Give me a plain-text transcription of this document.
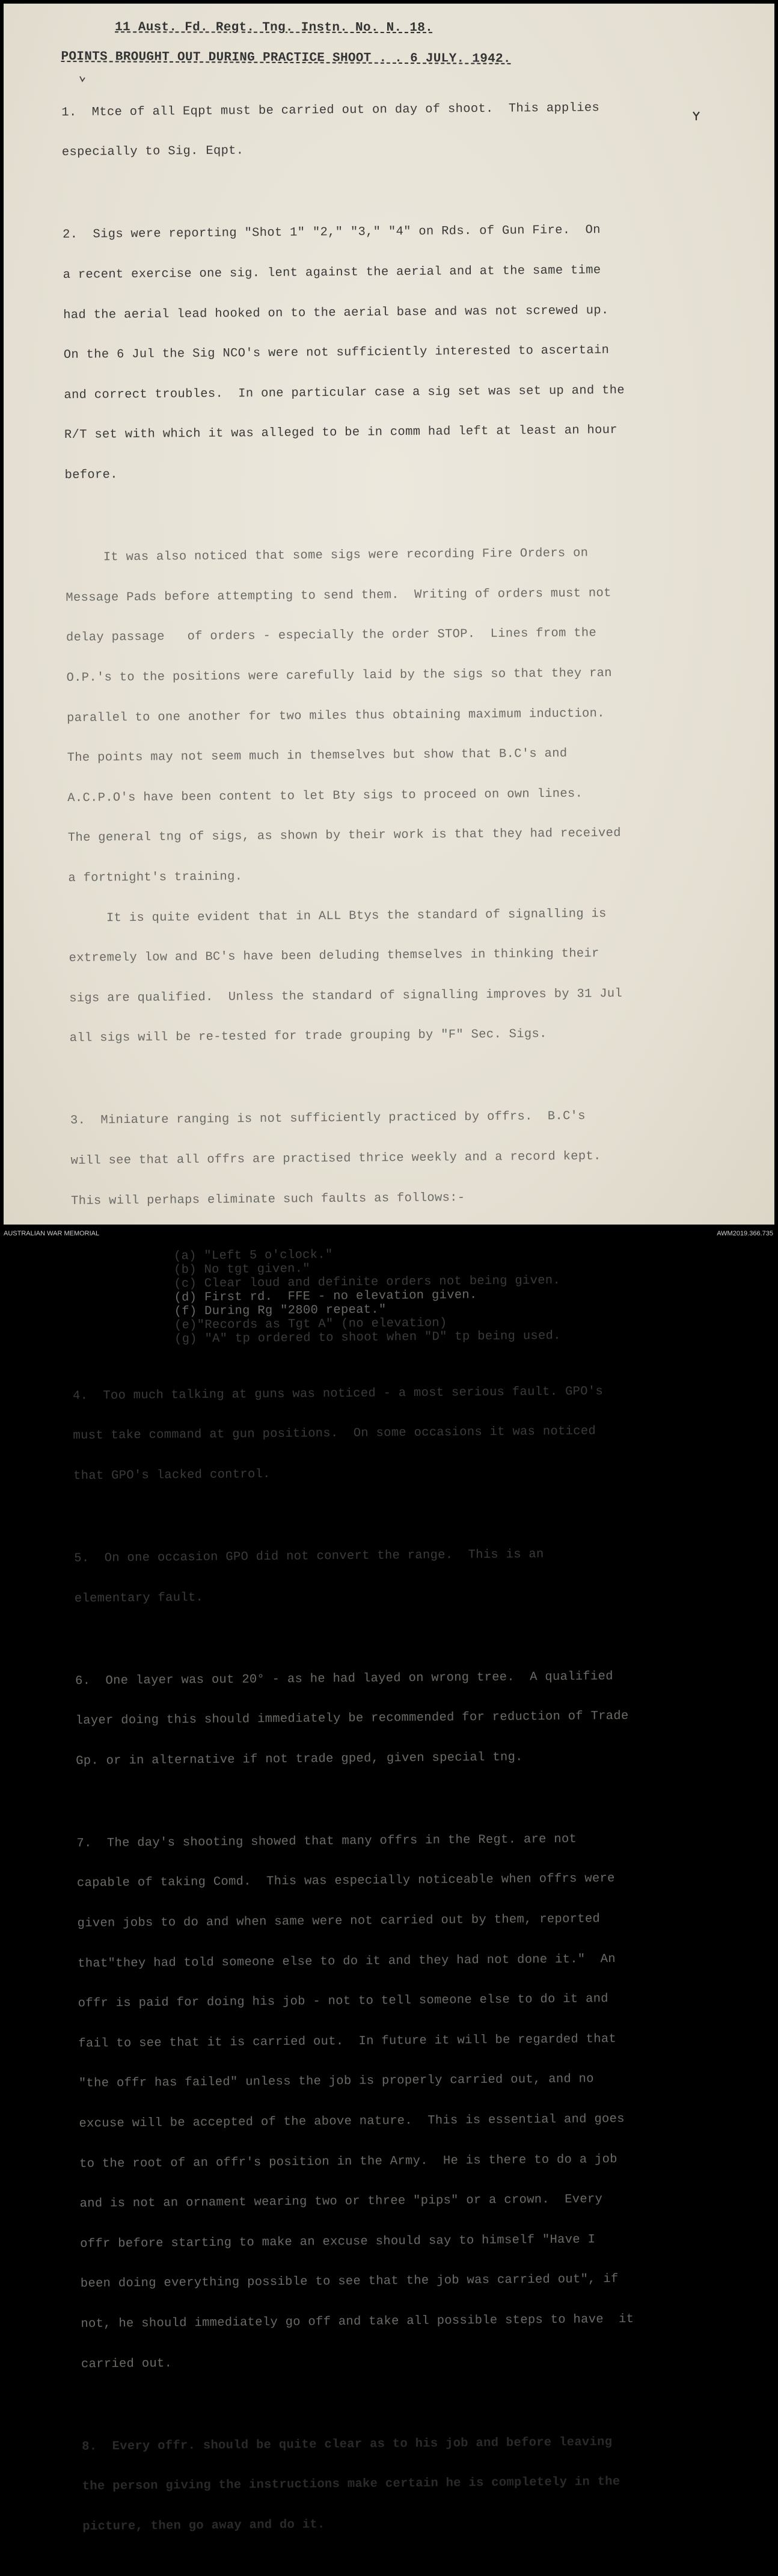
11 Aust. Fd. Regt. Tng. Instn. No. N. 18.
POINTS BROUGHT OUT DURING PRACTICE SHOOT . . 6 JULY. 1942.

1.  Mtce of all Eqpt must be carried out on day of shoot.  This applies

especially to Sig. Eqpt.

2.  Sigs were reporting "Shot 1" "2," "3," "4" on Rds. of Gun Fire.  On

a recent exercise one sig. lent against the aerial and at the same time

had the aerial lead hooked on to the aerial base and was not screwed up.

On the 6 Jul the Sig NCO's were not sufficiently interested to ascertain

and correct troubles.  In one particular case a sig set was set up and the

R/T set with which it was alleged to be in comm had left at least an hour

before.

It was also noticed that some sigs were recording Fire Orders on

Message Pads before attempting to send them.  Writing of orders must not

delay passage   of orders - especially the order STOP.  Lines from the

O.P.'s to the positions were carefully laid by the sigs so that they ran

parallel to one another for two miles thus obtaining maximum induction.

The points may not seem much in themselves but show that B.C's and

A.C.P.O's have been content to let Bty sigs to proceed on own lines.

The general tng of sigs, as shown by their work is that they had received

a fortnight's training.

It is quite evident that in ALL Btys the standard of signalling is

extremely low and BC's have been deluding themselves in thinking their

sigs are qualified.  Unless the standard of signalling improves by 31 Jul

all sigs will be re-tested for trade grouping by "F" Sec. Sigs.

3.  Miniature ranging is not sufficiently practiced by offrs.  B.C's

will see that all offrs are practised thrice weekly and a record kept.

This will perhaps eliminate such faults as follows:-

(a) "Left 5 o'clock."
(b) No tgt given."
(c) Clear loud and definite orders not being given.
(d) First rd.  FFE - no elevation given.
(f) During Rg "2800 repeat."
(e)"Records as Tgt A" (no elevation)
(g) "A" tp ordered to shoot when "D" tp being used.

4.  Too much talking at guns was noticed - a most serious fault. GPO's

must take command at gun positions.  On some occasions it was noticed

that GPO's lacked control.

5.  On one occasion GPO did not convert the range.  This is an

elementary fault.

6.  One layer was out 20° - as he had layed on wrong tree.  A qualified

layer doing this should immediately be recommended for reduction of Trade

Gp. or in alternative if not trade gped, given special tng.

7.  The day's shooting showed that many offrs in the Regt. are not

capable of taking Comd.  This was especially noticeable when offrs were

given jobs to do and when same were not carried out by them, reported

that"they had told someone else to do it and they had not done it."  An

offr is paid for doing his job - not to tell someone else to do it and

fail to see that it is carried out.  In future it will be regarded that

"the offr has failed" unless the job is properly carried out, and no

excuse will be accepted of the above nature.  This is essential and goes

to the root of an offr's position in the Army.  He is there to do a job

and is not an ornament wearing two or three "pips" or a crown.  Every

offr before starting to make an excuse should say to himself "Have I

been doing everything possible to see that the job was carried out", if

not, he should immediately go off and take all possible steps to have  it

carried out.

8.  Every offr. should be quite clear as to his job and before leaving

the person giving the instructions make certain he is completely in the

picture, then go away and do it.

AUSTRALIAN WAR MEMORIAL	AWM2019.366.735
